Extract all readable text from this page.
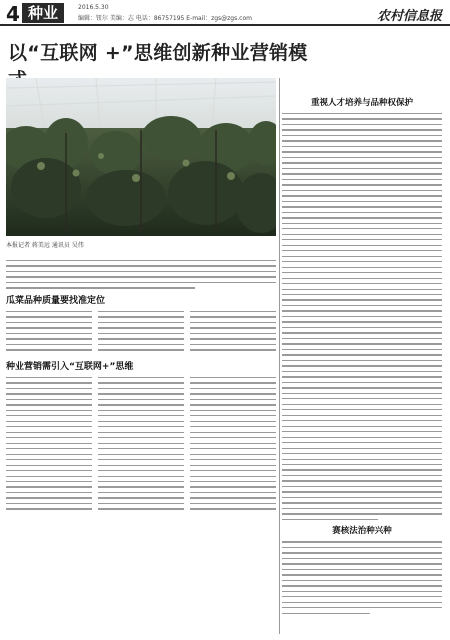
4 种业	2016.5.30
编辑：钮尔 美编：志 电话：86757195 E-mail：zgs@zgs.com	农村信息报
以“互联网 +”思维创新种业营销模
本报记者 蒋美远 通讯员 吴伟
瓜菜品种质量要找准定位
种业营销需引入“互联网+”思维
重视人才培养与品种权保护
赛核法治种兴种
